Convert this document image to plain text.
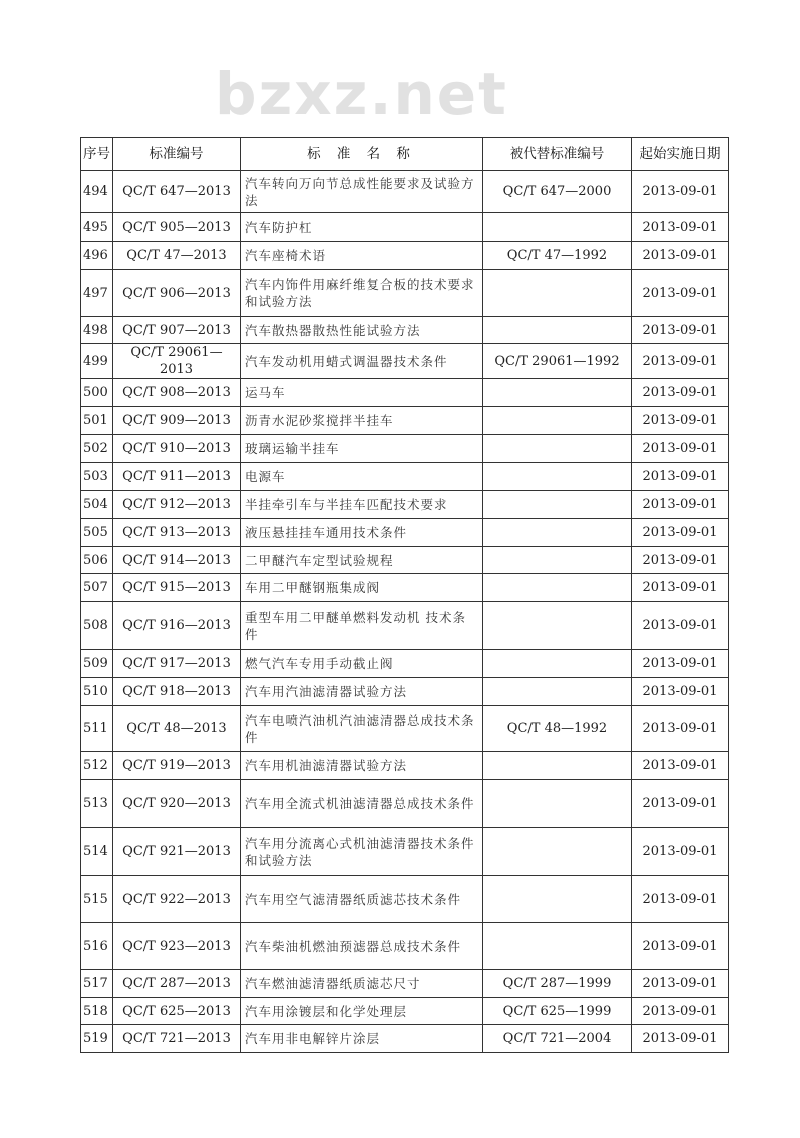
bzxz.net
序号	标准编号	标 准 名 称	被代替标准编号	起始实施日期
494	QC/T 647—2013	汽车转向万向节总成性能要求及试验方法	QC/T 647—2000	2013-09-01
495	QC/T 905—2013	汽车防护杠		2013-09-01
496	QC/T 47—2013	汽车座椅术语	QC/T 47—1992	2013-09-01
497	QC/T 906—2013	汽车内饰件用麻纤维复合板的技术要求和试验方法		2013-09-01
498	QC/T 907—2013	汽车散热器散热性能试验方法		2013-09-01
499	QC/T 29061—2013	汽车发动机用蜡式调温器技术条件	QC/T 29061—1992	2013-09-01
500	QC/T 908—2013	运马车		2013-09-01
501	QC/T 909—2013	沥青水泥砂浆搅拌半挂车		2013-09-01
502	QC/T 910—2013	玻璃运输半挂车		2013-09-01
503	QC/T 911—2013	电源车		2013-09-01
504	QC/T 912—2013	半挂牵引车与半挂车匹配技术要求		2013-09-01
505	QC/T 913—2013	液压悬挂挂车通用技术条件		2013-09-01
506	QC/T 914—2013	二甲醚汽车定型试验规程		2013-09-01
507	QC/T 915—2013	车用二甲醚钢瓶集成阀		2013-09-01
508	QC/T 916—2013	重型车用二甲醚单燃料发动机 技术条件		2013-09-01
509	QC/T 917—2013	燃气汽车专用手动截止阀		2013-09-01
510	QC/T 918—2013	汽车用汽油滤清器试验方法		2013-09-01
511	QC/T 48—2013	汽车电喷汽油机汽油滤清器总成技术条件	QC/T 48—1992	2013-09-01
512	QC/T 919—2013	汽车用机油滤清器试验方法		2013-09-01
513	QC/T 920—2013	汽车用全流式机油滤清器总成技术条件		2013-09-01
514	QC/T 921—2013	汽车用分流离心式机油滤清器技术条件和试验方法		2013-09-01
515	QC/T 922—2013	汽车用空气滤清器纸质滤芯技术条件		2013-09-01
516	QC/T 923—2013	汽车柴油机燃油预滤器总成技术条件		2013-09-01
517	QC/T 287—2013	汽车燃油滤清器纸质滤芯尺寸	QC/T 287—1999	2013-09-01
518	QC/T 625—2013	汽车用涂镀层和化学处理层	QC/T 625—1999	2013-09-01
519	QC/T 721—2013	汽车用非电解锌片涂层	QC/T 721—2004	2013-09-01
